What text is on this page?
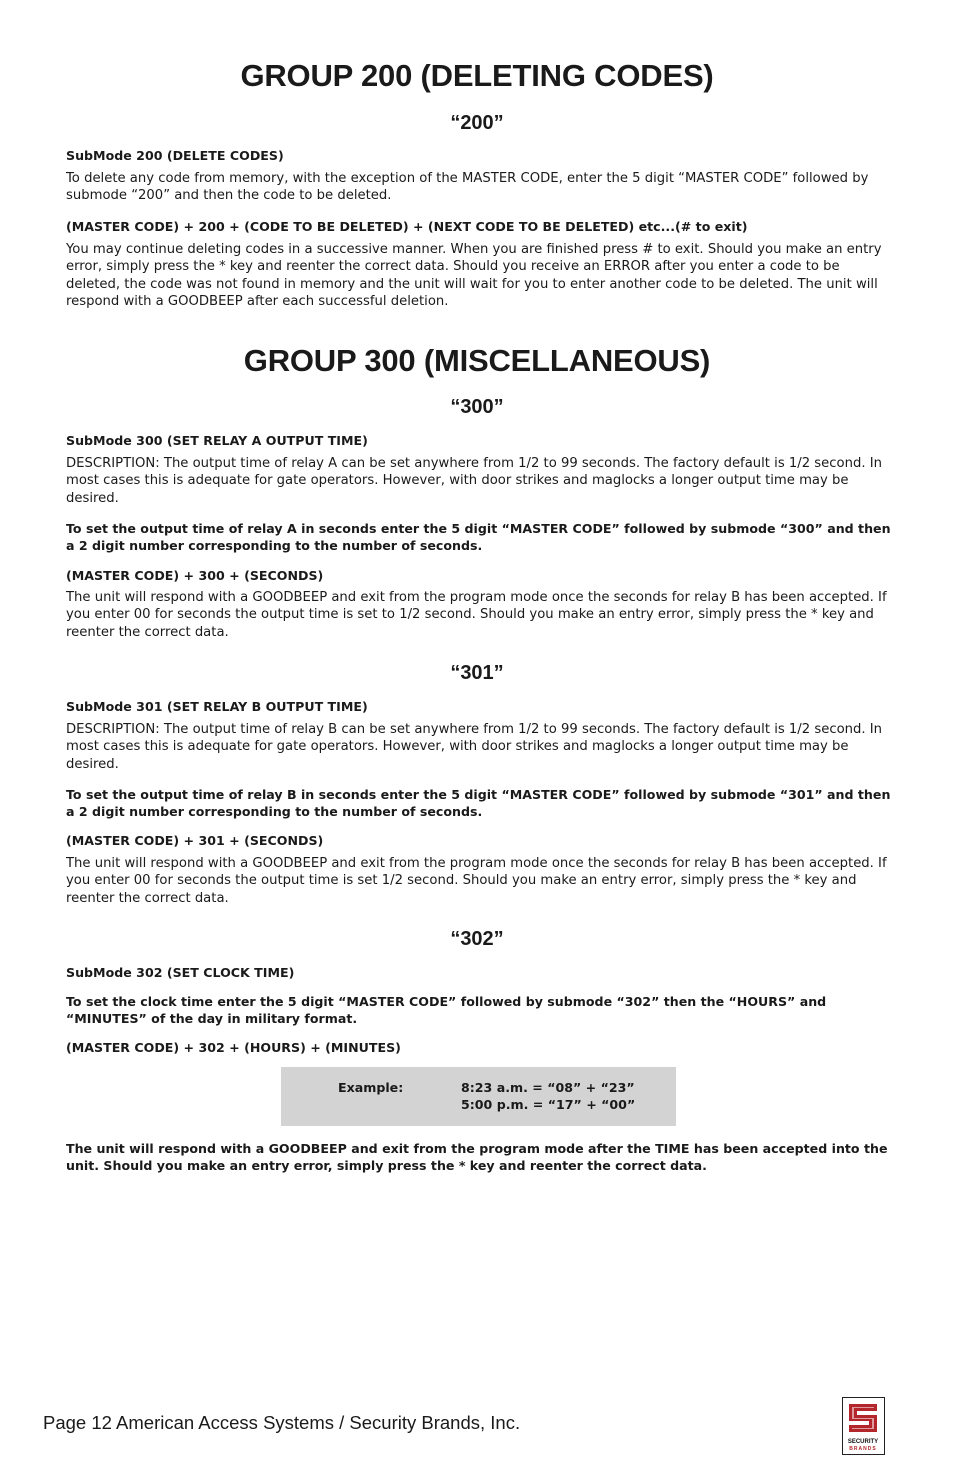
GROUP 200 (DELETING CODES)
“200”
SubMode 200 (DELETE CODES)
To delete any code from memory, with the exception of the MASTER CODE, enter the 5 digit “MASTER CODE” followed by submode “200” and then the code to be deleted.
(MASTER CODE) + 200 + (CODE TO BE DELETED) + (NEXT CODE TO BE DELETED) etc...(# to exit)
You may continue deleting codes in a successive manner. When you are finished press # to exit. Should you make an entry error, simply press the * key and reenter the correct data. Should you receive an ERROR after you enter a code to be deleted, the code was not found in memory and the unit will wait for you to enter another code to be deleted. The unit will respond with a GOODBEEP after each successful deletion.
GROUP 300 (MISCELLANEOUS)
“300”
SubMode 300 (SET RELAY A OUTPUT TIME)
DESCRIPTION: The output time of relay A can be set anywhere from 1/2 to 99 seconds. The factory default is 1/2 second. In most cases this is adequate for gate operators. However, with door strikes and maglocks a longer output time may be desired.
To set the output time of relay A in seconds enter the 5 digit “MASTER CODE” followed by submode “300” and then a 2 digit number corresponding to the number of seconds.
(MASTER CODE) + 300 + (SECONDS)
The unit will respond with a GOODBEEP and exit from the program mode once the seconds for relay B has been accepted. If you enter 00 for seconds the output time is set to 1/2 second. Should you make an entry error, simply press the * key and reenter the correct data.
“301”
SubMode 301 (SET RELAY B OUTPUT TIME)
DESCRIPTION: The output time of relay B can be set anywhere from 1/2 to 99 seconds. The factory default is 1/2 second. In most cases this is adequate for gate operators. However, with door strikes and maglocks a longer output time may be desired.
To set the output time of relay B in seconds enter the 5 digit “MASTER CODE” followed by submode “301” and then a 2 digit number corresponding to the number of seconds.
(MASTER CODE) + 301 + (SECONDS)
The unit will respond with a GOODBEEP and exit from the program mode once the seconds for relay B has been accepted. If you enter 00 for seconds the output time is set 1/2 second. Should you make an entry error, simply press the * key and reenter the correct data.
“302”
SubMode 302 (SET CLOCK TIME)
To set the clock time enter the 5 digit “MASTER CODE” followed by submode “302” then the “HOURS” and “MINUTES” of the day in military format.
(MASTER CODE) + 302 + (HOURS) + (MINUTES)
Example:	8:23 a.m. = “08” + “23”
5:00 p.m. = “17” + “00”
The unit will respond with a GOODBEEP and exit from the program mode after the TIME has been accepted into the unit. Should you make an entry error, simply press the * key and reenter the correct data.
Page 12 American Access Systems / Security Brands, Inc.
SECURITY
BRANDS
